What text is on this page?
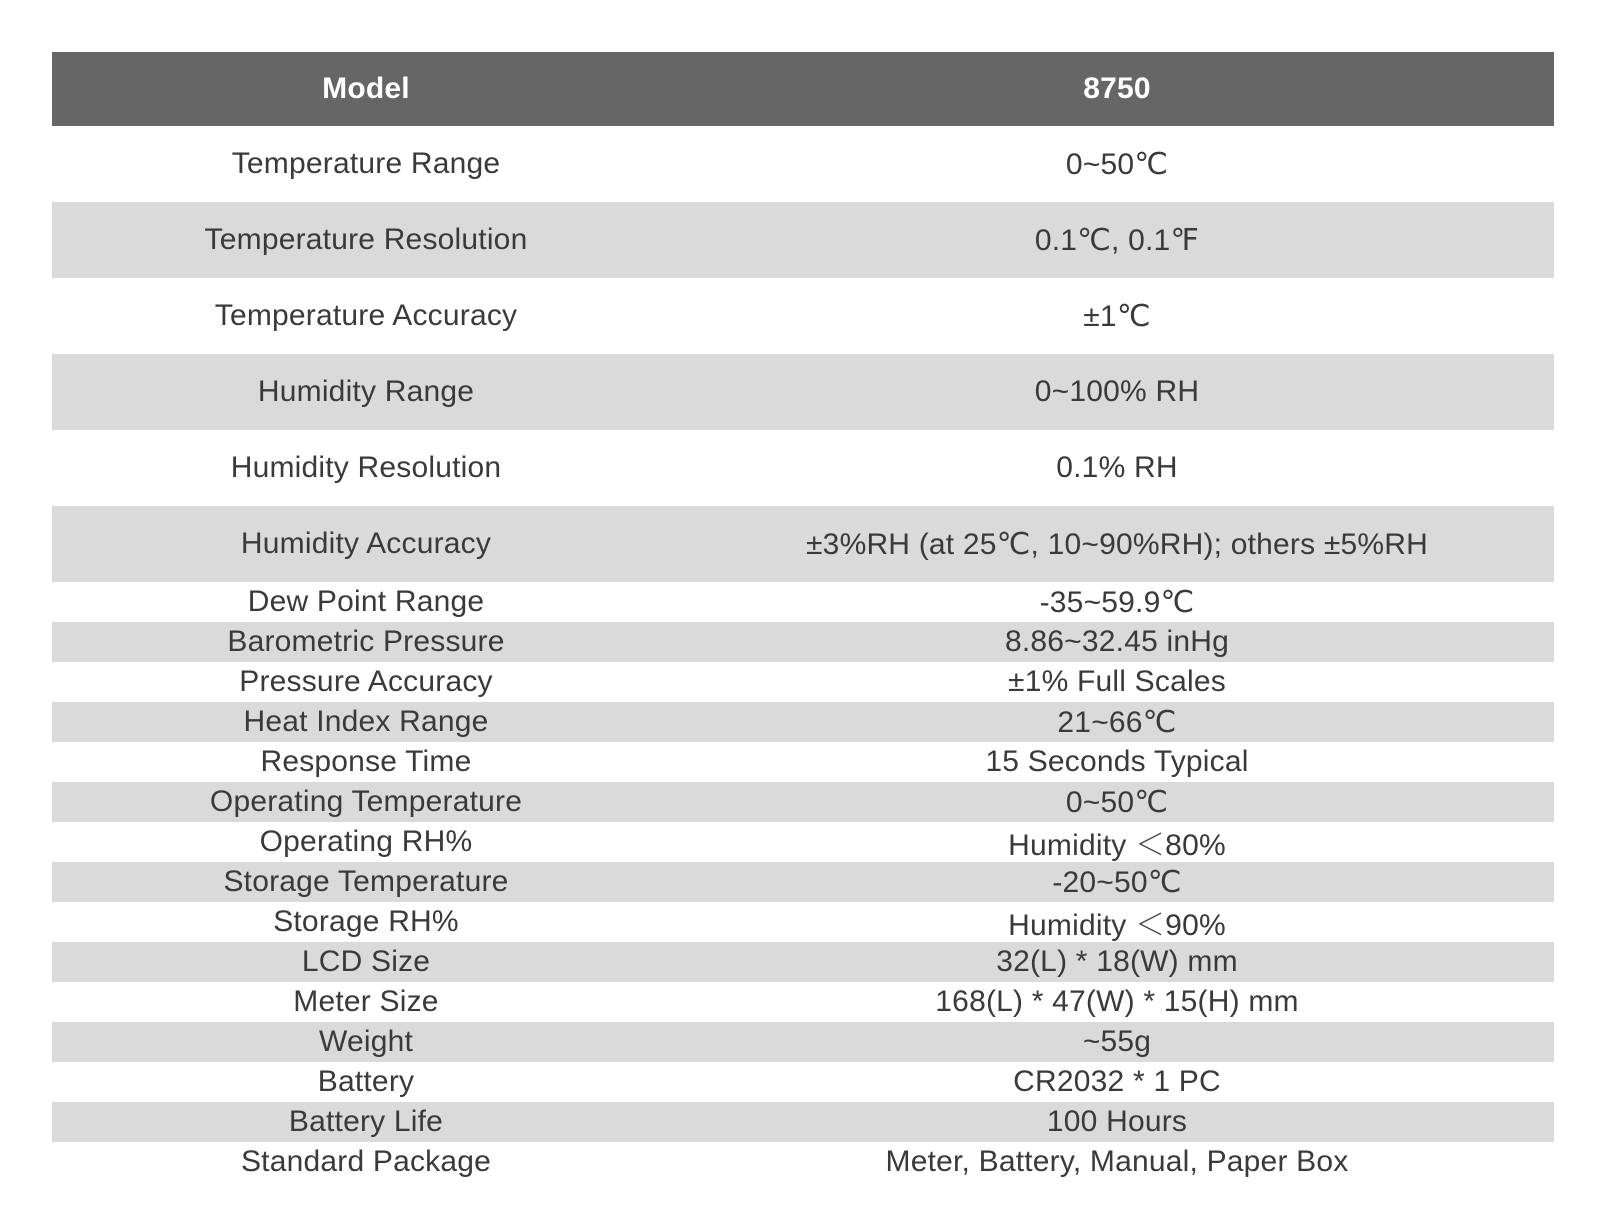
Model	8750
Temperature Range	0~50℃
Temperature Resolution	0.1℃, 0.1℉
Temperature Accuracy	±1℃
Humidity Range	0~100% RH
Humidity Resolution	0.1% RH
Humidity Accuracy	±3%RH (at 25℃, 10~90%RH); others ±5%RH
Dew Point Range	-35~59.9℃
Barometric Pressure	8.86~32.45 inHg
Pressure Accuracy	±1% Full Scales
Heat Index Range	21~66℃
Response Time	15 Seconds Typical
Operating Temperature	0~50℃
Operating RH%	Humidity ＜80%
Storage Temperature	-20~50℃
Storage RH%	Humidity ＜90%
LCD Size	32(L) * 18(W) mm
Meter Size	168(L) * 47(W) * 15(H) mm
Weight	~55g
Battery	CR2032 * 1 PC
Battery Life	100 Hours
Standard Package	Meter, Battery, Manual, Paper Box
